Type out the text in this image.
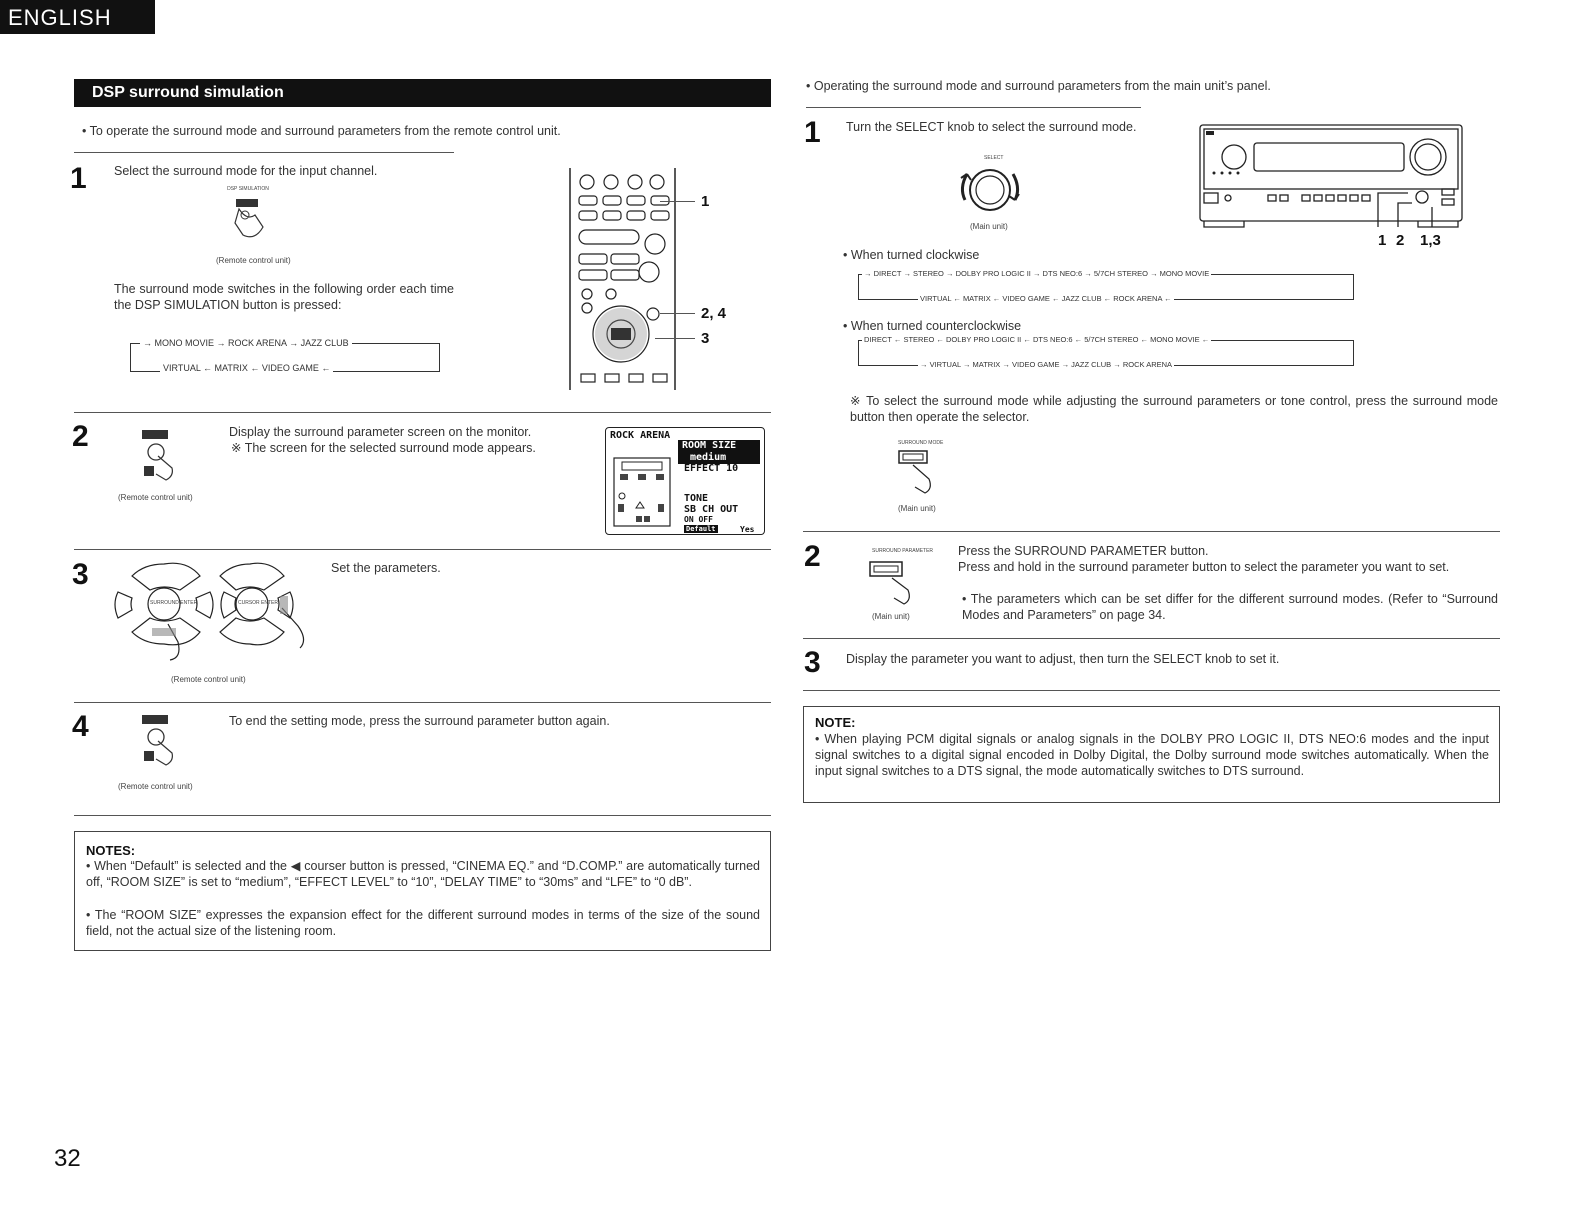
ENGLISH
DSP surround simulation
• To operate the surround mode and surround parameters from the remote control unit.
1 Select the surround mode for the input channel.
DSP SIMULATION
(Remote control unit)
The surround mode switches in the following order each time the DSP SIMULATION button is pressed:
→ MONO MOVIE → ROCK ARENA → JAZZ CLUB
VIRTUAL ← MATRIX ← VIDEO GAME ←
1
2, 4
3
2
(Remote control unit)
Display the surround parameter screen on the monitor.
※ The screen for the selected surround mode appears.
ROCK ARENA
ROOM SIZE
medium
EFFECT 10
TONE
SB CH OUT
ON OFF
Default	Yes
3
SURROUND ENTER	CURSOR ENTER
Set the parameters.
(Remote control unit)
4	To end the setting mode, press the surround parameter button again.
(Remote control unit)
NOTES:
• When “Default” is selected and the ◀ courser button is pressed, “CINEMA EQ.” and “D.COMP.” are automatically turned off, “ROOM SIZE” is set to “medium”, “EFFECT LEVEL” to “10”, “DELAY TIME” to “30ms” and “LFE” to “0 dB”.
• The “ROOM SIZE” expresses the expansion effect for the different surround modes in terms of the size of the sound field, not the actual size of the listening room.
• Operating the surround mode and surround parameters from the main unit’s panel.
1 Turn the SELECT knob to select the surround mode.
SELECT
(Main unit)
1 2 1,3
• When turned clockwise
→ DIRECT → STEREO → DOLBY PRO LOGIC II → DTS NEO:6 → 5/7CH STEREO → MONO MOVIE
VIRTUAL ← MATRIX ← VIDEO GAME ← JAZZ CLUB ← ROCK ARENA ←
• When turned counterclockwise
DIRECT ← STEREO ← DOLBY PRO LOGIC II ← DTS NEO:6 ← 5/7CH STEREO ← MONO MOVIE ←
→ VIRTUAL → MATRIX → VIDEO GAME → JAZZ CLUB → ROCK ARENA
※ To select the surround mode while adjusting the surround parameters or tone control, press the surround mode button then operate the selector.
SURROUND MODE
(Main unit)
2	SURROUND PARAMETER
(Main unit)
Press the SURROUND PARAMETER button.
Press and hold in the surround parameter button to select the parameter you want to set.
• The parameters which can be set differ for the different surround modes. (Refer to “Surround Modes and Parameters” on page 34.
3 Display the parameter you want to adjust, then turn the SELECT knob to set it.
NOTE:
• When playing PCM digital signals or analog signals in the DOLBY PRO LOGIC II, DTS NEO:6 modes and the input signal switches to a digital signal encoded in Dolby Digital, the Dolby surround mode switches automatically. When the input signal switches to a DTS signal, the mode automatically switches to DTS surround.
32
